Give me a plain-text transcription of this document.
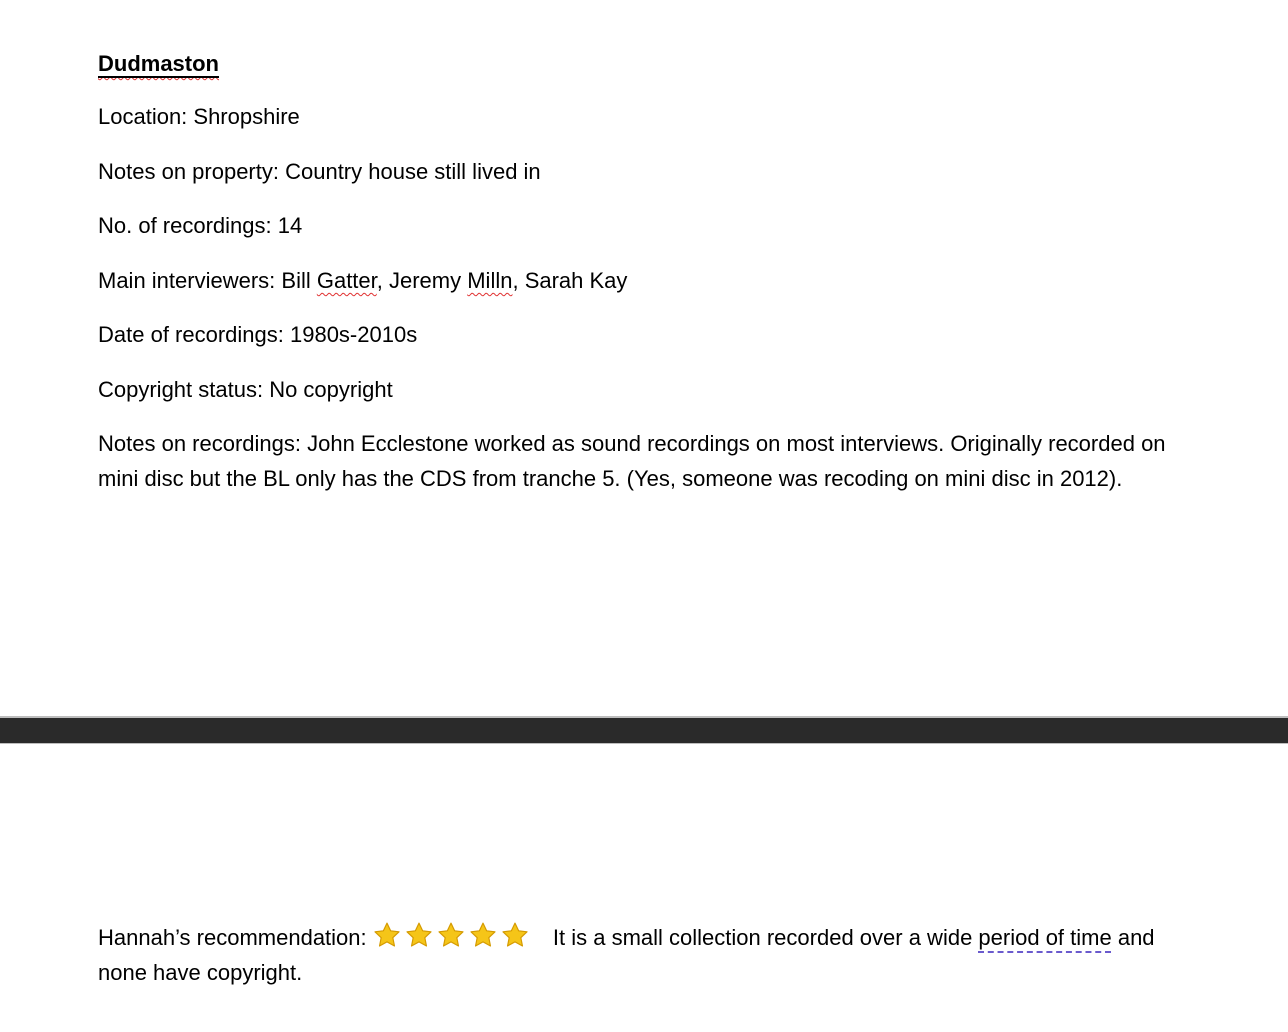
Dudmaston

Location: Shropshire

Notes on property: Country house still lived in

No. of recordings: 14

Main interviewers: Bill Gatter, Jeremy Milln, Sarah Kay

Date of recordings: 1980s-2010s

Copyright status: No copyright

Notes on recordings: John Ecclestone worked as sound recordings on most interviews. Originally recorded on mini disc but the BL only has the CDS from tranche 5. (Yes, someone was recoding on mini disc in 2012).

Hannah’s recommendation:	It is a small collection recorded over a wide period of time and none have copyright.
